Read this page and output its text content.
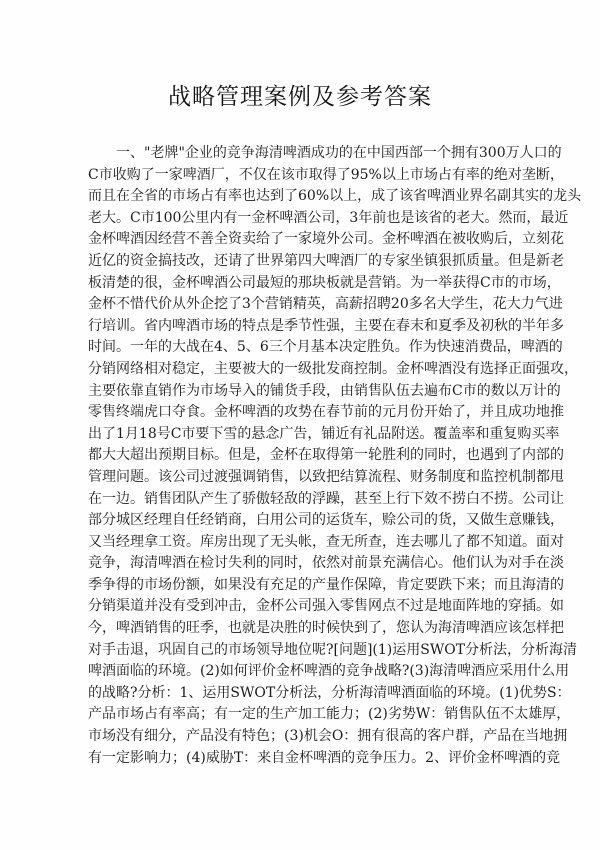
战略管理案例及参考答案
一、"老牌"企业的竞争海清啤酒成功的在中国西部一个拥有300万人口的
C市收购了一家啤酒厂，不仅在该市取得了95%以上市场占有率的绝对垄断，
而且在全省的市场占有率也达到了60%以上，成了该省啤酒业界名副其实的龙头
老大。C市100公里内有一金杯啤酒公司，3年前也是该省的老大。然而，最近
金杯啤酒因经营不善全资卖给了一家境外公司。金杯啤酒在被收购后，立刻花
近亿的资金搞技改，还请了世界第四大啤酒厂的专家坐镇狠抓质量。但是新老
板清楚的很，金杯啤酒公司最短的那块板就是营销。为一举获得C市的市场，
金杯不惜代价从外企挖了3个营销精英，高薪招聘20多名大学生，花大力气进
行培训。省内啤酒市场的特点是季节性强，主要在春末和夏季及初秋的半年多
时间。一年的大战在4、5、6三个月基本决定胜负。作为快速消费品，啤酒的
分销网络相对稳定，主要被大的一级批发商控制。金杯啤酒没有选择正面强攻，
主要依靠直销作为市场导入的铺货手段，由销售队伍去遍布C市的数以万计的
零售终端虎口夺食。金杯啤酒的攻势在春节前的元月份开始了，并且成功地推
出了1月18号C市要下雪的悬念广告，铺近有礼品附送。覆盖率和重复购买率
都大大超出预期目标。但是，金杯在取得第一轮胜利的同时，也遇到了内部的
管理问题。该公司过渡强调销售，以致把结算流程、财务制度和监控机制都甩
在一边。销售团队产生了骄傲轻敌的浮躁，甚至上行下效不捞白不捞。公司让
部分城区经理自任经销商，白用公司的运货车，赊公司的货，又做生意赚钱，
又当经理拿工资。库房出现了无头帐，查无所查，连去哪儿了都不知道。面对
竞争，海清啤酒在检讨失利的同时，依然对前景充满信心。他们认为对手在淡
季争得的市场份额，如果没有充足的产量作保障，肯定要跌下来；而且海清的
分销渠道并没有受到冲击，金杯公司强入零售网点不过是地面阵地的穿插。如
今，啤酒销售的旺季，也就是决胜的时候快到了，您认为海清啤酒应该怎样把
对手击退，巩固自己的市场领导地位呢?[问题](1)运用SWOT分析法，分析海清
啤酒面临的环境。(2)如何评价金杯啤酒的竞争战略?(3)海清啤酒应采用什么用
的战略?分析：1、运用SWOT分析法，分析海清啤酒面临的环境。(1)优势S：
产品市场占有率高；有一定的生产加工能力；(2)劣势W：销售队伍不太雄厚，
市场没有细分，产品没有特色；(3)机会O：拥有很高的客户群，产品在当地拥
有一定影响力；(4)威胁T：来自金杯啤酒的竞争压力。2、评价金杯啤酒的竞
